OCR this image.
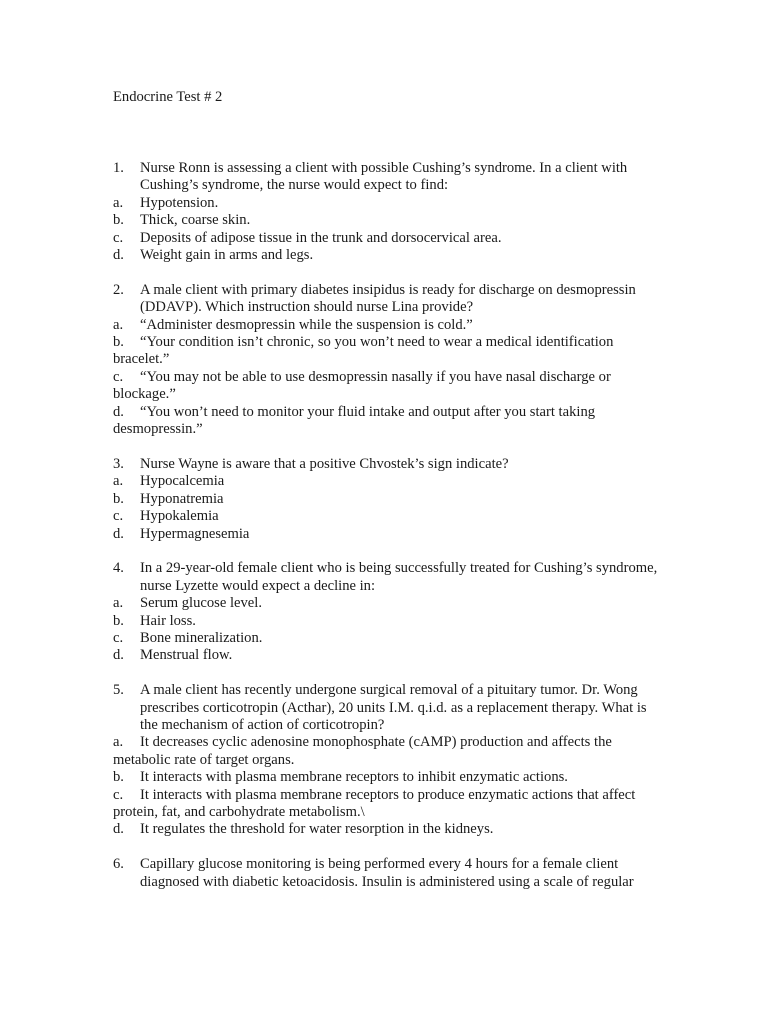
Endocrine Test # 2
1.	Nurse Ronn is assessing a client with possible Cushing’s syndrome. In a client with Cushing’s syndrome, the nurse would expect to find:
a.	Hypotension.
b.	Thick, coarse skin.
c.	Deposits of adipose tissue in the trunk and dorsocervical area.
d.	Weight gain in arms and legs.
2.	A male client with primary diabetes insipidus is ready for discharge on desmopressin (DDAVP). Which instruction should nurse Lina provide?
a. “Administer desmopressin while the suspension is cold.”
b. “Your condition isn’t chronic, so you won’t need to wear a medical identification bracelet.”
c. “You may not be able to use desmopressin nasally if you have nasal discharge or blockage.”
d. “You won’t need to monitor your fluid intake and output after you start taking desmopressin.”
3.	Nurse Wayne is aware that a positive Chvostek’s sign indicate?
a.	Hypocalcemia
b.	Hyponatremia
c.	Hypokalemia
d.	Hypermagnesemia
4.	In a 29-year-old female client who is being successfully treated for Cushing’s syndrome, nurse Lyzette would expect a decline in:
a.	Serum glucose level.
b.	Hair loss.
c.	Bone mineralization.
d.	Menstrual flow.
5.	A male client has recently undergone surgical removal of a pituitary tumor. Dr. Wong prescribes corticotropin (Acthar), 20 units I.M. q.i.d. as a replacement therapy. What is the mechanism of action of corticotropin?
a. It decreases cyclic adenosine monophosphate (cAMP) production and affects the metabolic rate of target organs.
b. It interacts with plasma membrane receptors to inhibit enzymatic actions.
c. It interacts with plasma membrane receptors to produce enzymatic actions that affect protein, fat, and carbohydrate metabolism.\
d. It regulates the threshold for water resorption in the kidneys.
6.	Capillary glucose monitoring is being performed every 4 hours for a female client diagnosed with diabetic ketoacidosis. Insulin is administered using a scale of regular
